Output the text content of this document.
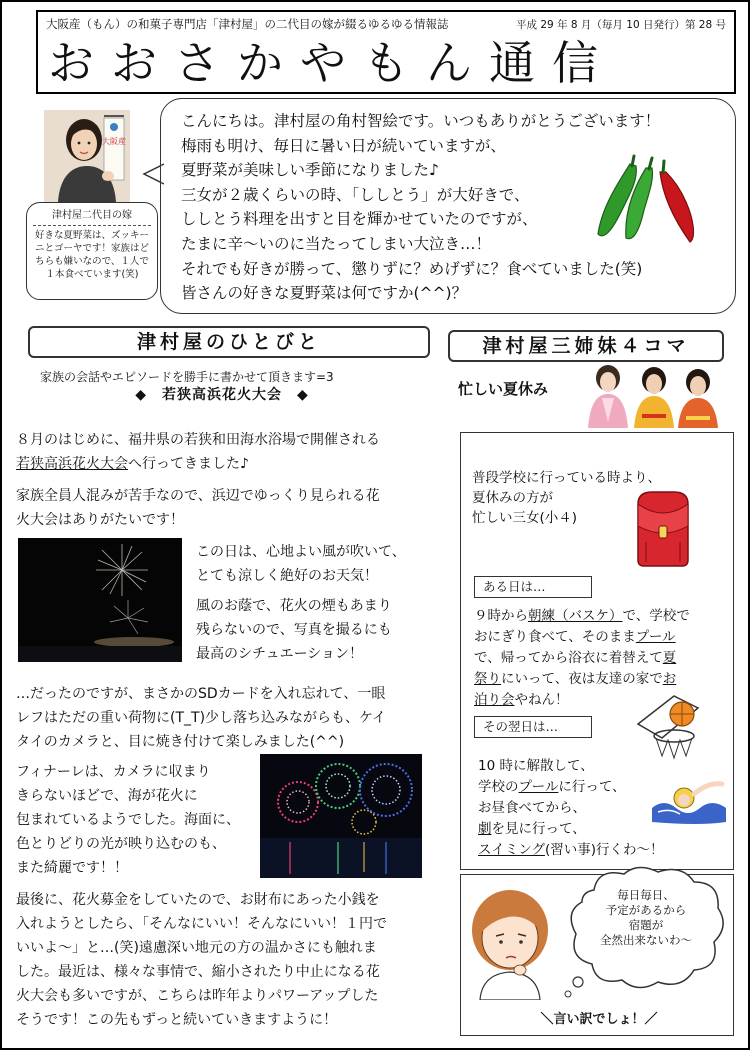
大阪産（もん）の和菓子専門店「津村屋」の二代目の嫁が綴るゆるゆる情報誌	平成 29 年 8 月（毎月 10 日発行）第 28 号
おおさかやもん通信
大阪産
津村屋二代目の嫁
好きな夏野菜は、ズッキーニとゴーヤです！家族はどちらも嫌いなので、１人で１本食べています(笑)

こんにちは。津村屋の角村智絵です。いつもありがとうございます！

梅雨も明け、毎日に暑い日が続いていますが、

夏野菜が美味しい季節になりました♪

三女が２歳くらいの時、「ししとう」が大好きで、

ししとう料理を出すと目を輝かせていたのですが、

たまに辛～いのに当たってしまい大泣き…！

それでも好きが勝って、懲りずに？めげずに？食べていました(笑)

皆さんの好きな夏野菜は何ですか(^^)？

津村屋のひとびと	津村屋三姉妹４コマ
家族の会話やエピソードを勝手に書かせて頂きます=3
◆　若狭高浜花火大会　◆
８月のはじめに、福井県の若狭和田海水浴場で開催される
若狭高浜花火大会へ行ってきました♪
家族全員人混みが苦手なので、浜辺でゆっくり見られる花
火大会はありがたいです！
この日は、心地よい風が吹いて、
とても涼しく絶好のお天気！
風のお蔭で、花火の煙もあまり
残らないので、写真を撮るにも
最高のシチュエーション！
…だったのですが、まさかのSDカードを入れ忘れて、一眼
レフはただの重い荷物に(T_T)少し落ち込みながらも、ケイ
タイのカメラと、目に焼き付けて楽しみました(^^)
フィナーレは、カメラに収まり
きらないほどで、海が花火に
包まれているようでした。海面に、
色とりどりの光が映り込むのも、
また綺麗です！！
最後に、花火募金をしていたので、お財布にあった小銭を
入れようとしたら、「そんなにいい！そんなにいい！１円で
いいよ～」と…(笑)遠慮深い地元の方の温かさにも触れま
した。最近は、様々な事情で、縮小されたり中止になる花
火大会も多いですが、こちらは昨年よりパワーアップした
そうです！この先もずっと続いていきますように！
忙しい夏休み
普段学校に行っている時より、
夏休みの方が
忙しい三女(小４)
ある日は…
９時から朝練（バスケ）で、学校で
おにぎり食べて、そのままプール
で、帰ってから浴衣に着替えて夏
祭りにいって、夜は友達の家でお
泊り会やねん！
その翌日は…
10 時に解散して、
学校のプールに行って、
お昼食べてから、
劇を見に行って、
スイミング(習い事)行くわ～！
毎日毎日、
予定があるから
宿題が
全然出来ないわ～
＼言い訳でしょ！／
